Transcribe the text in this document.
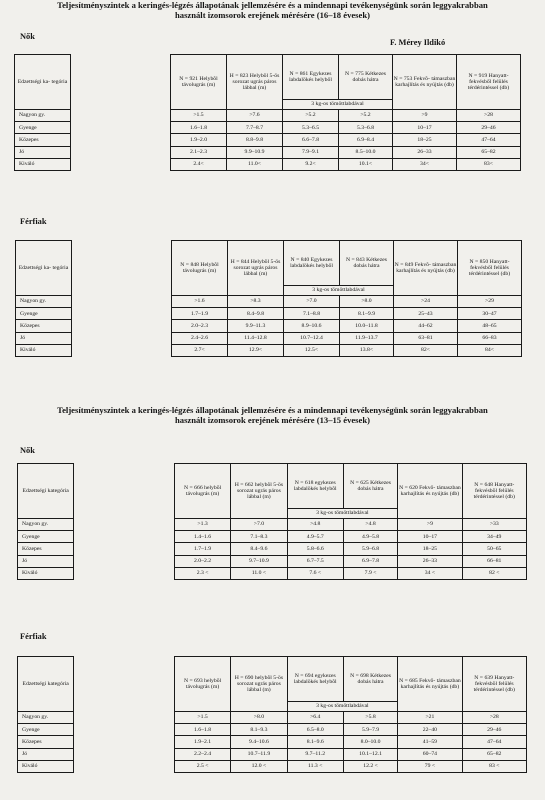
Teljesítményszintek a keringés-légzés állapotának jellemzésére és a mindennapi tevékenységünk során leggyakrabban
használt izomsorok erejének mérésére (16–18 évesek)
Nők
F. Mérey Ildikó
Edzettségi ka- tegória		N = 921 Helybõl távolugrás (m)	H = 823 Helybõl 5-ös sorozat ugrás páros lábbal (m)	N = 861 Egykezes labdalökés helyből	N = 775 Kétkezes dobás hátra	N = 753 Fekvõ- támaszban karhajlítás és nyújtás (db)	N = 919 Hanyatt- fekvésből felülés térdérintéssel (db)
				3 kg-os tömöttlabdával			
Nagyon gy.		>1.5	>7.6	>5.2	>5.2	>9	>28
Gyenge		1.6–1.8	7.7–8.7	5.3–6.5	5.3–6.8	10–17	29–46
Közepes		1.9–2.0	8.8–9.8	6.6–7.8	6.9–8.4	18–25	47–64
Jó		2.1–2.3	9.9–10.9	7.9–9.1	8.5–10.0	26–33	65–82
Kiváló		2.4<	11.0<	9.2<	10.1<	34<	83<
Férfiak
Edzettségi ka- tegória		N = 848 Helybõl távolugrás (m)	H = 844 Helybõl 5-ös sorozat ugrás páros lábbal (m)	N = 840 Egykezes labdalökés helyből	N = 843 Kétkezes dobás hátra	N = 849 Fekvõ- támaszban karhajlítás és nyújtás (db)	N = 850 Hanyatt- fekvésből felülés térdérintéssel (db)
				3 kg-os tömöttlabdával			
Nagyon gy.		>1.6	>8.3	>7.0	>8.0	>24	>29
Gyenge		1.7–1.9	8.4–9.8	7.1–8.8	8.1–9.9	25–43	30–47
Közepes		2.0–2.3	9.9–11.3	8.9–10.6	10.0–11.8	44–62	48–65
Jó		2.4–2.6	11.4–12.8	10.7–12.4	11.9–13.7	63–81	66–83
Kiváló		2.7<	12.9<	12.5<	13.8<	82<	84<
Teljesítményszintek a keringés-légzés állapotának jellemzésére és a mindennapi tevékenységünk során leggyakrabban
használt izomsorok erejének mérésére (13–15 évesek)
Nők
Edzettségi kategória		N = 666 helybõl távolugrás (m)	H = 662 helybõl 5-ös sorozat ugrás páros lábbal (m)	N = 618 egykezes labdalökés helybõl	N = 625 Kétkezes dobás hátra	N = 620 Fekvő- támaszban karhajlítás és nyújtás (db)	N = 648 Hanyatt- fekvésbõl felülés térdérintéssel (db)
				3 kg-os tömöttlabdával			
Nagyon gy.		>1.3	>7.0	>4.8	>4.8	>9	>33
Gyenge		1.4–1.6	7.1–8.3	4.9–5.7	4.9–5.8	10–17	34–49
Közepes		1.7–1.9	8.4–9.6	5.8–6.6	5.9–6.8	18–25	50–65
Jó		2.0–2.2	9.7–10.9	6.7–7.5	6.9–7.8	26–33	66–81
Kiváló		2.3 <	11.0 <	7.6 <	7.9 <	34 <	82 <
Férfiak
Edzettségi kategória		N = 693 helybõl távolugrás (m)	H = 690 helybõl 5-ös sorozat ugrás páros lábbal (m)	N = 694 egykezes labdalökés helybõl	N = 698 Kétkezes dobás hátra	N = 685 Fekvő- támaszban karhajlítás és nyújtás (db)	N = 639 Hanyatt- fekvésbõl felülés térdérintéssel (db)
				3 kg-os tömöttlabdával			
Nagyon gy.		>1.5	>8.0	>6.4	>5.8	>21	>28
Gyenge		1.6–1.8	8.1–9.3	6.5–8.0	5.9–7.9	22–40	29–46
Közepes		1.9–2.1	9.4–10.6	8.1–9.6	8.0–10.0	41–59	47–64
Jó		2.2–2.4	10.7–11.9	9.7–11.2	10.1–12.1	60–74	65–82
Kiváló		2.5 <	12.0 <	11.3 <	12.2 <	79 <	83 <
